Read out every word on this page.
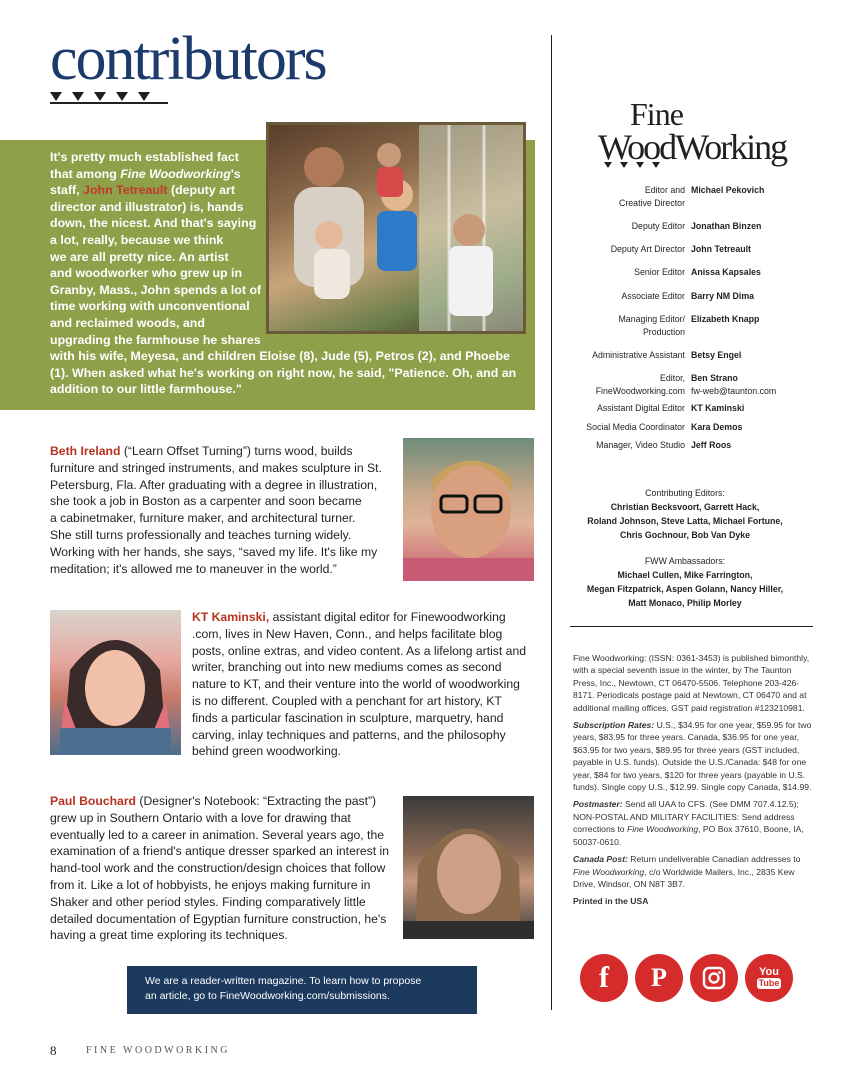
contributors
It's pretty much established fact
that among Fine Woodworking's
staff, John Tetreault (deputy art
director and illustrator) is, hands
down, the nicest. And that's saying
a lot, really, because we think
we are all pretty nice. An artist
and woodworker who grew up in
Granby, Mass., John spends a lot of
time working with unconventional
and reclaimed woods, and
upgrading the farmhouse he shares
with his wife, Meyesa, and children Eloise (8), Jude (5), Petros (2), and Phoebe
(1). When asked what he's working on right now, he said, "Patience. Oh, and an
addition to our little farmhouse."
Beth Ireland (“Learn Offset Turning”) turns wood, builds
furniture and stringed instruments, and makes sculpture in St.
Petersburg, Fla. After graduating with a degree in illustration,
she took a job in Boston as a carpenter and soon became
a cabinetmaker, furniture maker, and architectural turner.
She still turns professionally and teaches turning widely.
Working with her hands, she says, “saved my life. It's like my
meditation; it's allowed me to maneuver in the world.”
KT Kaminski, assistant digital editor for Finewoodworking
.com, lives in New Haven, Conn., and helps facilitate blog
posts, online extras, and video content. As a lifelong artist and
writer, branching out into new mediums comes as second
nature to KT, and their venture into the world of woodworking
is no different. Coupled with a penchant for art history, KT
finds a particular fascination in sculpture, marquetry, hand
carving, inlay techniques and patterns, and the philosophy
behind green woodworking.
Paul Bouchard (Designer's Notebook: “Extracting the past”)
grew up in Southern Ontario with a love for drawing that
eventually led to a career in animation. Several years ago, the
examination of a friend's antique dresser sparked an interest in
hand-tool work and the construction/design choices that follow
from it. Like a lot of hobbyists, he enjoys making furniture in
Shaker and other period styles. Finding comparatively little
detailed documentation of Egyptian furniture construction, he's
having a great time exploring its techniques.
We are a reader-written magazine. To learn how to propose
an article, go to FineWoodworking.com/submissions.
8	FINE WOODWORKING
Fine
WoodWorking
Editor and
Creative Director
Michael Pekovich
Deputy Editor Jonathan Binzen
Deputy Art Director John Tetreault
Senior Editor Anissa Kapsales
Associate Editor Barry NM Dima
Managing Editor/
Production
Elizabeth Knapp
Administrative Assistant Betsy Engel
Editor,
FineWoodworking.com
Ben Strano
fw-web@taunton.com
Assistant Digital Editor KT Kaminski
Social Media Coordinator Kara Demos
Manager, Video Studio Jeff Roos
Contributing Editors:
Christian Becksvoort, Garrett Hack,
Roland Johnson, Steve Latta, Michael Fortune,
Chris Gochnour, Bob Van Dyke
FWW Ambassadors:
Michael Cullen, Mike Farrington,
Megan Fitzpatrick, Aspen Golann, Nancy Hiller,
Matt Monaco, Philip Morley

Fine Woodworking: (ISSN: 0361-3453) is published bimonthly, with a special seventh issue in the winter, by The Taunton Press, Inc., Newtown, CT 06470-5506. Telephone 203-426-8171. Periodicals postage paid at Newtown, CT 06470 and at additional mailing offices. GST paid registration #123210981.

Subscription Rates: U.S., $34.95 for one year, $59.95 for two years, $83.95 for three years. Canada, $36.95 for one year, $63.95 for two years, $89.95 for three years (GST included, payable in U.S. funds). Outside the U.S./Canada: $48 for one year, $84 for two years, $120 for three years (payable in U.S. funds). Single copy U.S., $12.99. Single copy Canada, $14.99.

Postmaster: Send all UAA to CFS. (See DMM 707.4.12.5); NON-POSTAL AND MILITARY FACILITIES: Send address corrections to Fine Woodworking, PO Box 37610, Boone, IA, 50037-0610.

Canada Post: Return undeliverable Canadian addresses to Fine Woodworking, c/o Worldwide Mailers, Inc., 2835 Kew Drive, Windsor, ON N8T 3B7.

Printed in the USA

f	P	You
Tube
